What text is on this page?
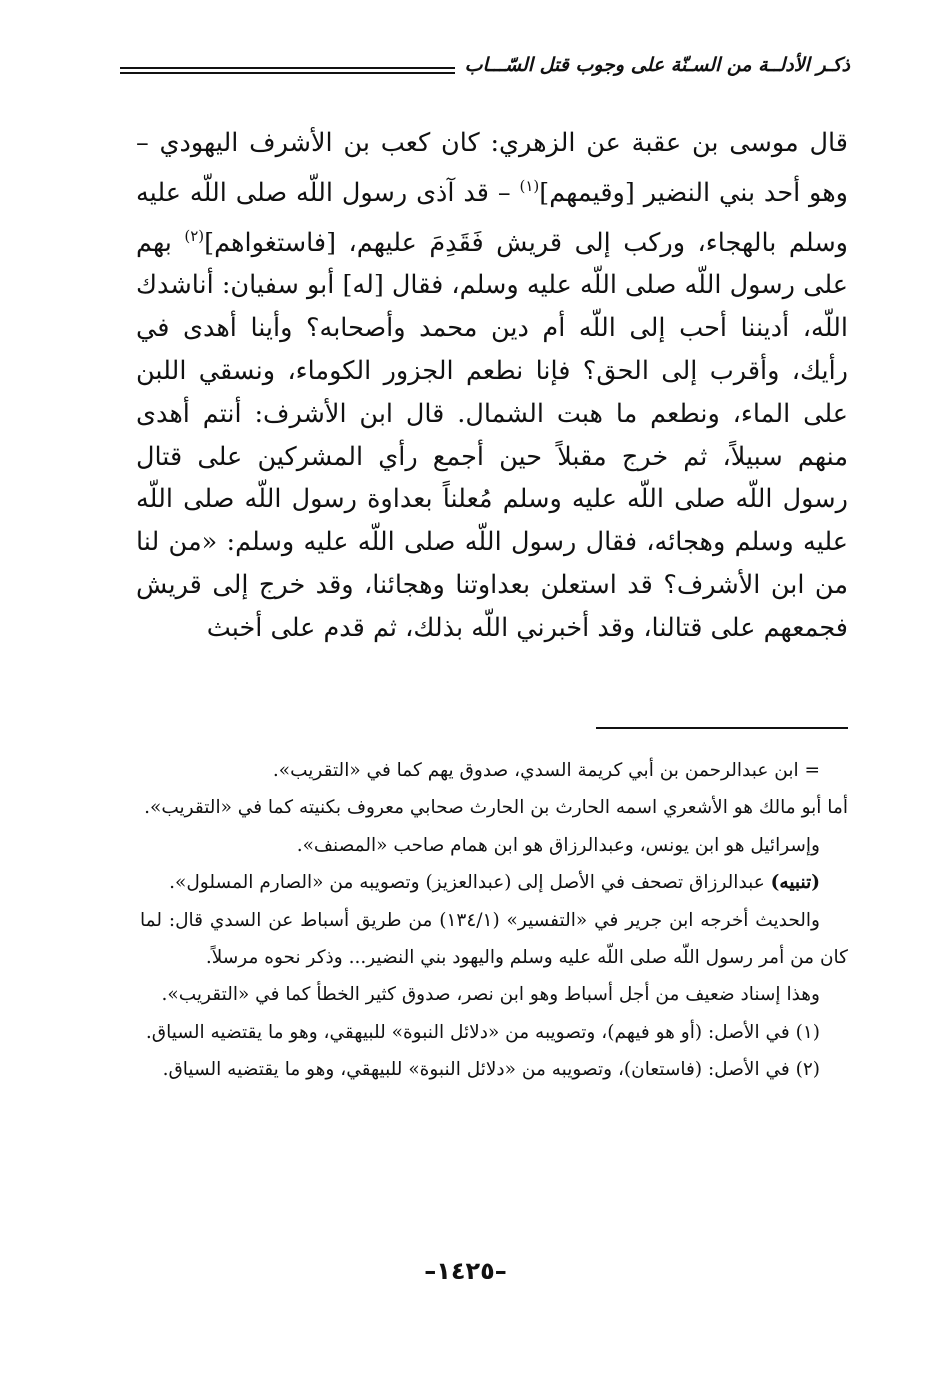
ذكـر الأدلــة من السـنّة على وجوب قتل السّـــاب

قال موسى بن عقبة عن الزهري: كان كعب بن الأشرف اليهودي – وهو أحد بني النضير [وقيمهم]$^{(١)}$ – قد آذى رسول اللّه صلى اللّه عليه وسلم بالهجاء، وركب إلى قريش فَقَدِمَ عليهم، [فاستغواهم]$^{(٢)}$ بهم على رسول اللّه صلى اللّه عليه وسلم، فقال [له] أبو سفيان: أناشدك اللّه، أديننا أحب إلى اللّه أم دين محمد وأصحابه؟ وأينا أهدى في رأيك، وأقرب إلى الحق؟ فإنا نطعم الجزور الكوماء، ونسقي اللبن على الماء، ونطعم ما هبت الشمال. قال ابن الأشرف: أنتم أهدى منهم سبيلاً، ثم خرج مقبلاً حين أجمع رأي المشركين على قتال رسول اللّه صلى اللّه عليه وسلم مُعلناً بعداوة رسول اللّه صلى اللّه عليه وسلم وهجائه، فقال رسول اللّه صلى اللّه عليه وسلم: «من لنا من ابن الأشرف؟ قد استعلن بعداوتنا وهجائنا، وقد خرج إلى قريش فجمعهم على قتالنا، وقد أخبرني اللّه بذلك، ثم قدم على أخبث

= ابن عبدالرحمن بن أبي كريمة السدي، صدوق يهم كما في «التقريب».

أما أبو مالك هو الأشعري اسمه الحارث بن الحارث صحابي معروف بكنيته كما في «التقريب».

وإسرائيل هو ابن يونس، وعبدالرزاق هو ابن همام صاحب «المصنف».

(تنبيه) عبدالرزاق تصحف في الأصل إلى (عبدالعزيز) وتصويبه من «الصارم المسلول».

والحديث أخرجه ابن جرير في «التفسير» (١٣٤/١) من طريق أسباط عن السدي قال: لما كان من أمر رسول اللّه صلى اللّه عليه وسلم واليهود بني النضير... وذكر نحوه مرسلاً.

وهذا إسناد ضعيف من أجل أسباط وهو ابن نصر، صدوق كثير الخطأ كما في «التقريب».

(١) في الأصل: (أو هو فيهم)، وتصويبه من «دلائل النبوة» للبيهقي، وهو ما يقتضيه السياق.

(٢) في الأصل: (فاستعان)، وتصويبه من «دلائل النبوة» للبيهقي، وهو ما يقتضيه السياق.

–١٤٢٥–
